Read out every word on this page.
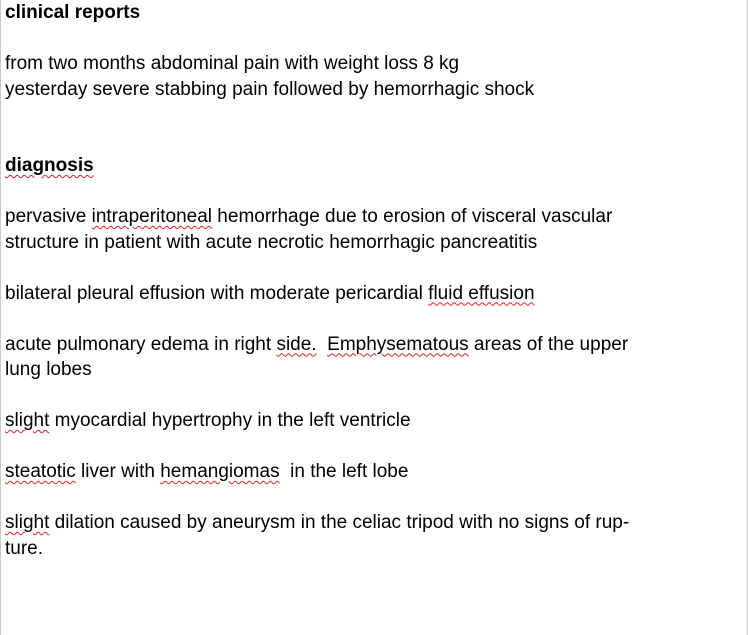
clinical reports
from two months abdominal pain with weight loss 8 kg
yesterday severe stabbing pain followed by hemorrhagic shock
diagnosis
pervasive intraperitoneal hemorrhage due to erosion of visceral vascular
structure in patient with acute necrotic hemorrhagic pancreatitis
bilateral pleural effusion with moderate pericardial fluid effusion
acute pulmonary edema in right side. Emphysematous areas of the upper
lung lobes
slight myocardial hypertrophy in the left ventricle
steatotic liver with hemangiomas  in the left lobe
slight dilation caused by aneurysm in the celiac tripod with no signs of rup-
ture.
